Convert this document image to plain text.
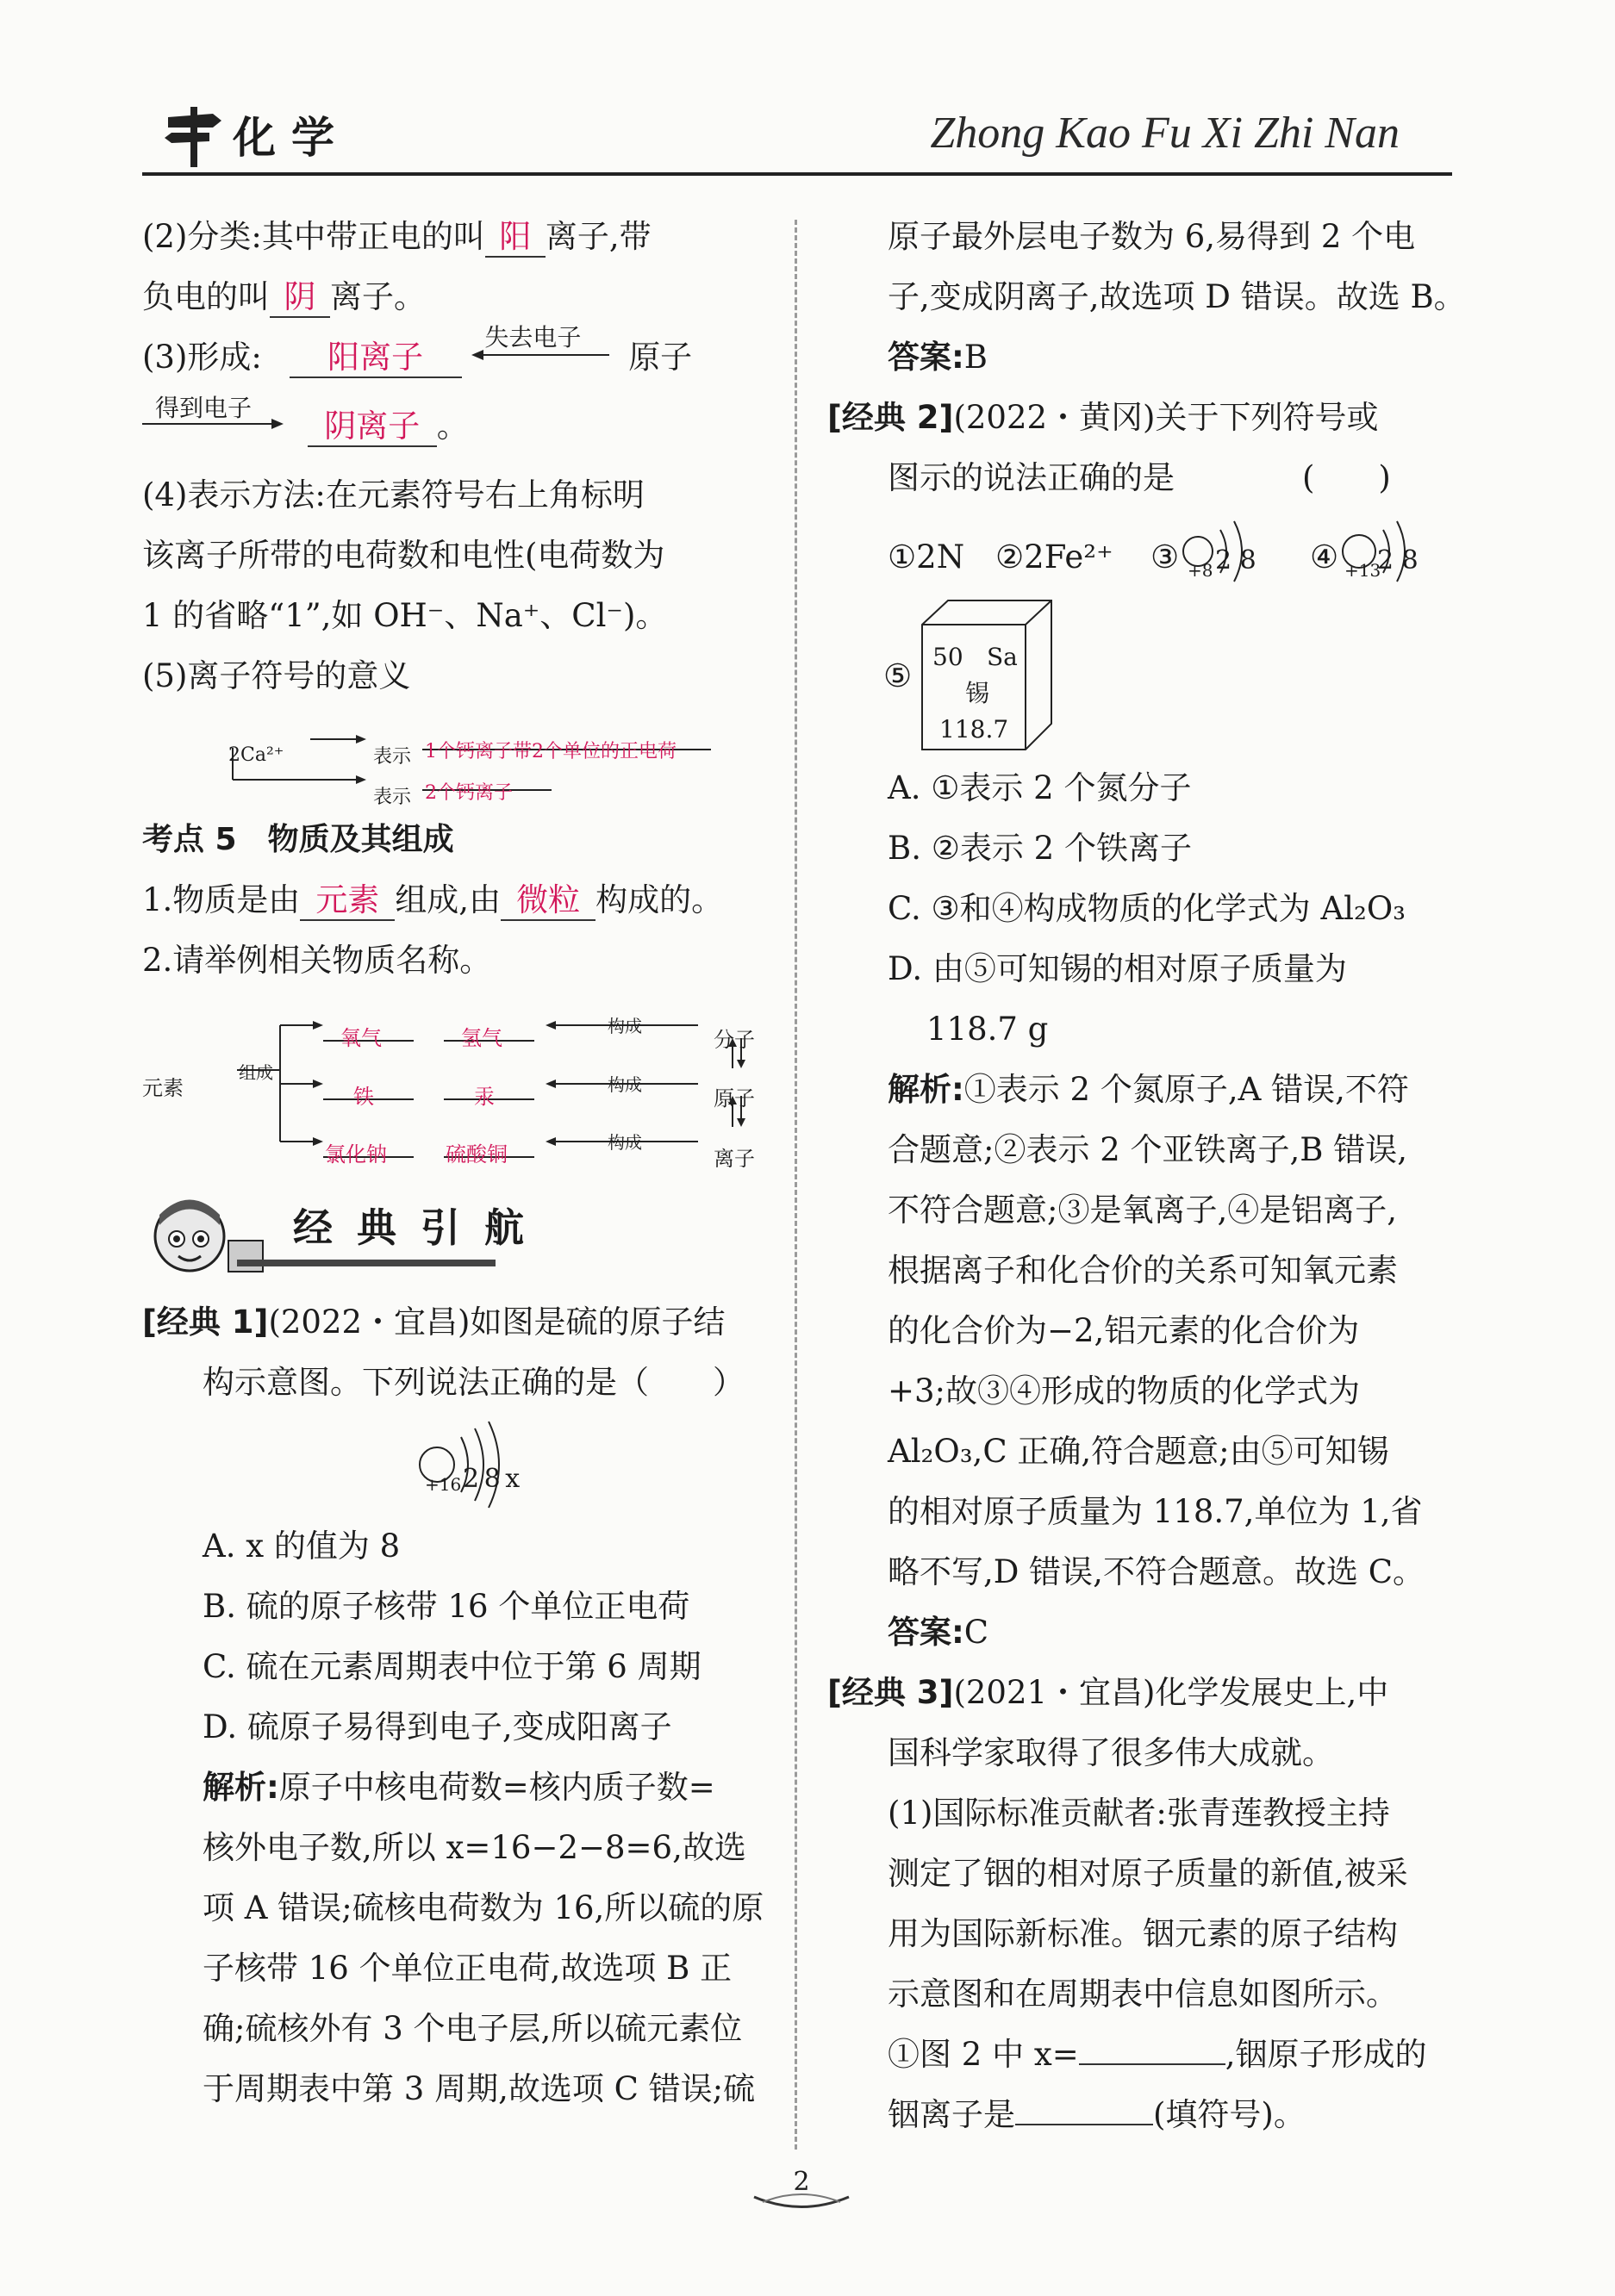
化学	Zhong Kao Fu Xi Zhi Nan
(2)分类:其中带正电的叫 阳 离子,带
负电的叫 阴 离子。
(3)形成: 阳离子
失去电子
原子
得到电子 阴离子 。
(4)表示方法:在元素符号右上角标明
该离子所带的电荷数和电性(电荷数为
1 的省略“1”,如 OH⁻、Na⁺、Cl⁻)。
(5)离子符号的意义
2Ca²⁺	表示 1个钙离子带2个单位的正电荷
表示 2个钙离子
考点 5　物质及其组成
1.物质是由 元素 组成,由 微粒 构成的。
2.请举例相关物质名称。
元素
组成
氧气	氢气
铁	汞
氯化钠	硫酸铜
构成
构成
构成
分子
原子
离子
经 典 引 航
[经典 1](2022・宜昌)如图是硫的原子结
构示意图。下列说法正确的是（　　）
+16 2 8 x
A. x 的值为 8
B. 硫的原子核带 16 个单位正电荷
C. 硫在元素周期表中位于第 6 周期
D. 硫原子易得到电子,变成阳离子
解析:原子中核电荷数=核内质子数=
核外电子数,所以 x=16−2−8=6,故选
项 A 错误;硫核电荷数为 16,所以硫的原
子核带 16 个单位正电荷,故选项 B 正
确;硫核外有 3 个电子层,所以硫元素位
于周期表中第 3 周期,故选项 C 错误;硫
原子最外层电子数为 6,易得到 2 个电
子,变成阴离子,故选项 D 错误。故选 B。
答案:B
[经典 2](2022・黄冈)关于下列符号或
图示的说法正确的是　　　　(　　)
①2N ②2Fe²⁺ ③ +8 2 8 ④ +13
2 8
⑤
50 Sa
锡
118.7
A. ①表示 2 个氮分子
B. ②表示 2 个铁离子
C. ③和④构成物质的化学式为 Al₂O₃
D. 由⑤可知锡的相对原子质量为
118.7 g
解析:①表示 2 个氮原子,A 错误,不符
合题意;②表示 2 个亚铁离子,B 错误,
不符合题意;③是氧离子,④是铝离子,
根据离子和化合价的关系可知氧元素
的化合价为−2,铝元素的化合价为
+3;故③④形成的物质的化学式为
Al₂O₃,C 正确,符合题意;由⑤可知锡
的相对原子质量为 118.7,单位为 1,省
略不写,D 错误,不符合题意。故选 C。
答案:C
[经典 3](2021・宜昌)化学发展史上,中
国科学家取得了很多伟大成就。
(1)国际标准贡献者:张青莲教授主持
测定了铟的相对原子质量的新值,被采
用为国际新标准。铟元素的原子结构
示意图和在周期表中信息如图所示。
①图 2 中 x=	,铟原子形成的
铟离子是	(填符号)。
2
